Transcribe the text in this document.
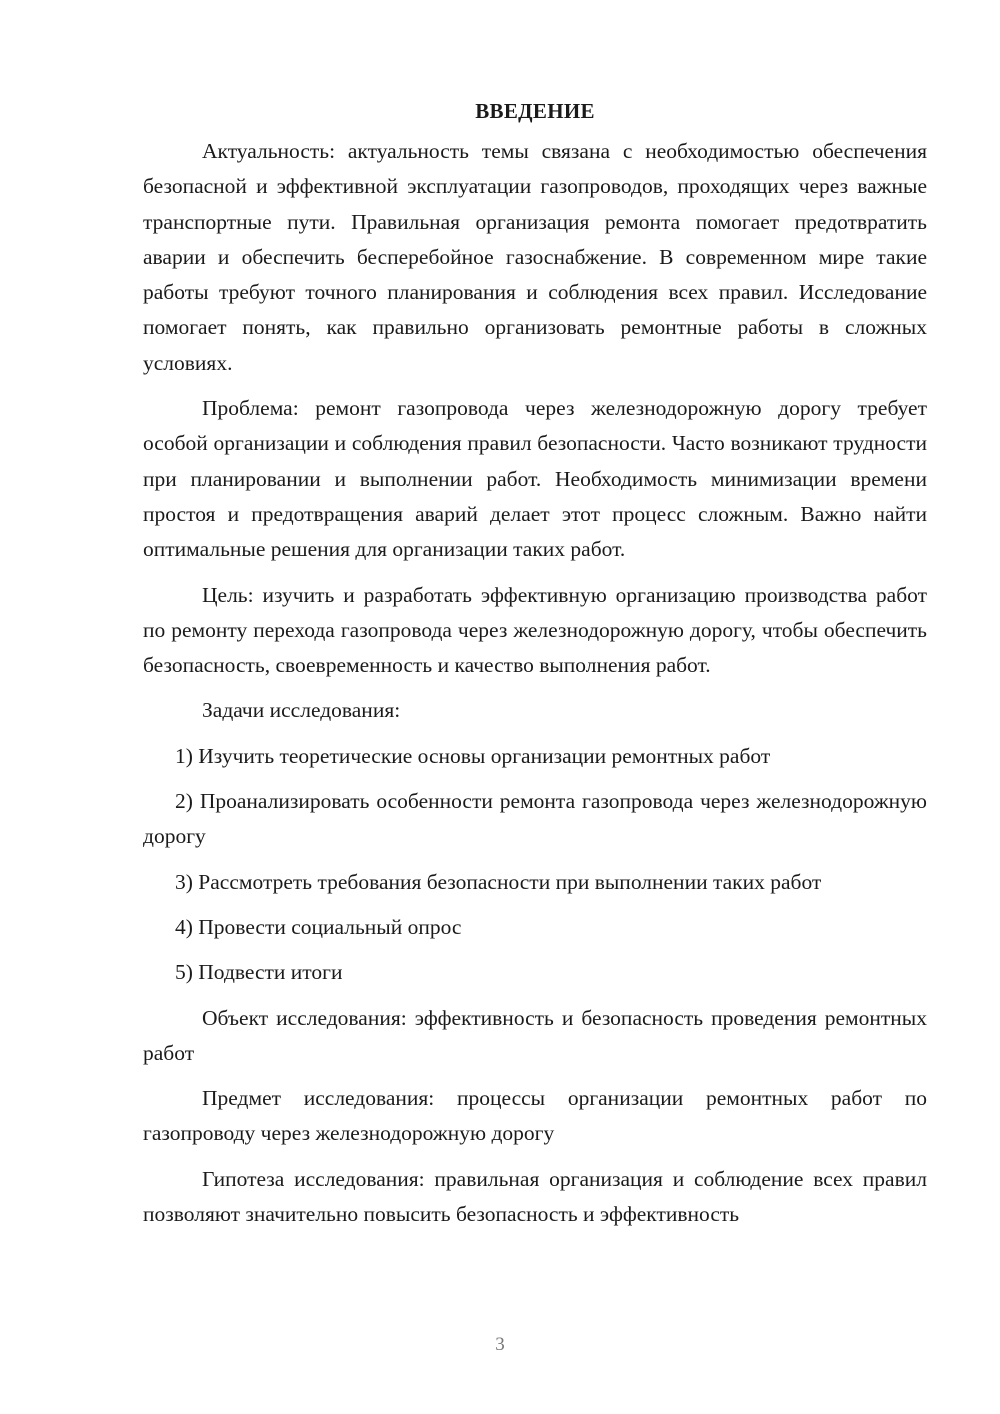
ВВЕДЕНИЕ

Актуальность: актуальность темы связана с необходимостью обеспечения безопасной и эффективной эксплуатации газопроводов, проходящих через важные транспортные пути. Правильная организация ремонта помогает предотвратить аварии и обеспечить бесперебойное газоснабжение. В современном мире такие работы требуют точного планирования и соблюдения всех правил. Исследование помогает понять, как правильно организовать ремонтные работы в сложных условиях.

Проблема: ремонт газопровода через железнодорожную дорогу требует особой организации и соблюдения правил безопасности. Часто возникают трудности при планировании и выполнении работ. Необходимость минимизации времени простоя и предотвращения аварий делает этот процесс сложным. Важно найти оптимальные решения для организации таких работ.

Цель: изучить и разработать эффективную организацию производства работ по ремонту перехода газопровода через железнодорожную дорогу, чтобы обеспечить безопасность, своевременность и качество выполнения работ.

Задачи исследования:

1) Изучить теоретические основы организации ремонтных работ

2) Проанализировать особенности ремонта газопровода через железнодорожную дорогу

3) Рассмотреть требования безопасности при выполнении таких работ

4) Провести социальный опрос

5) Подвести итоги

Объект исследования: эффективность и безопасность проведения ремонтных работ

Предмет исследования: процессы организации ремонтных работ по газопроводу через железнодорожную дорогу

Гипотеза исследования: правильная организация и соблюдение всех правил позволяют значительно повысить безопасность и эффективность

3
